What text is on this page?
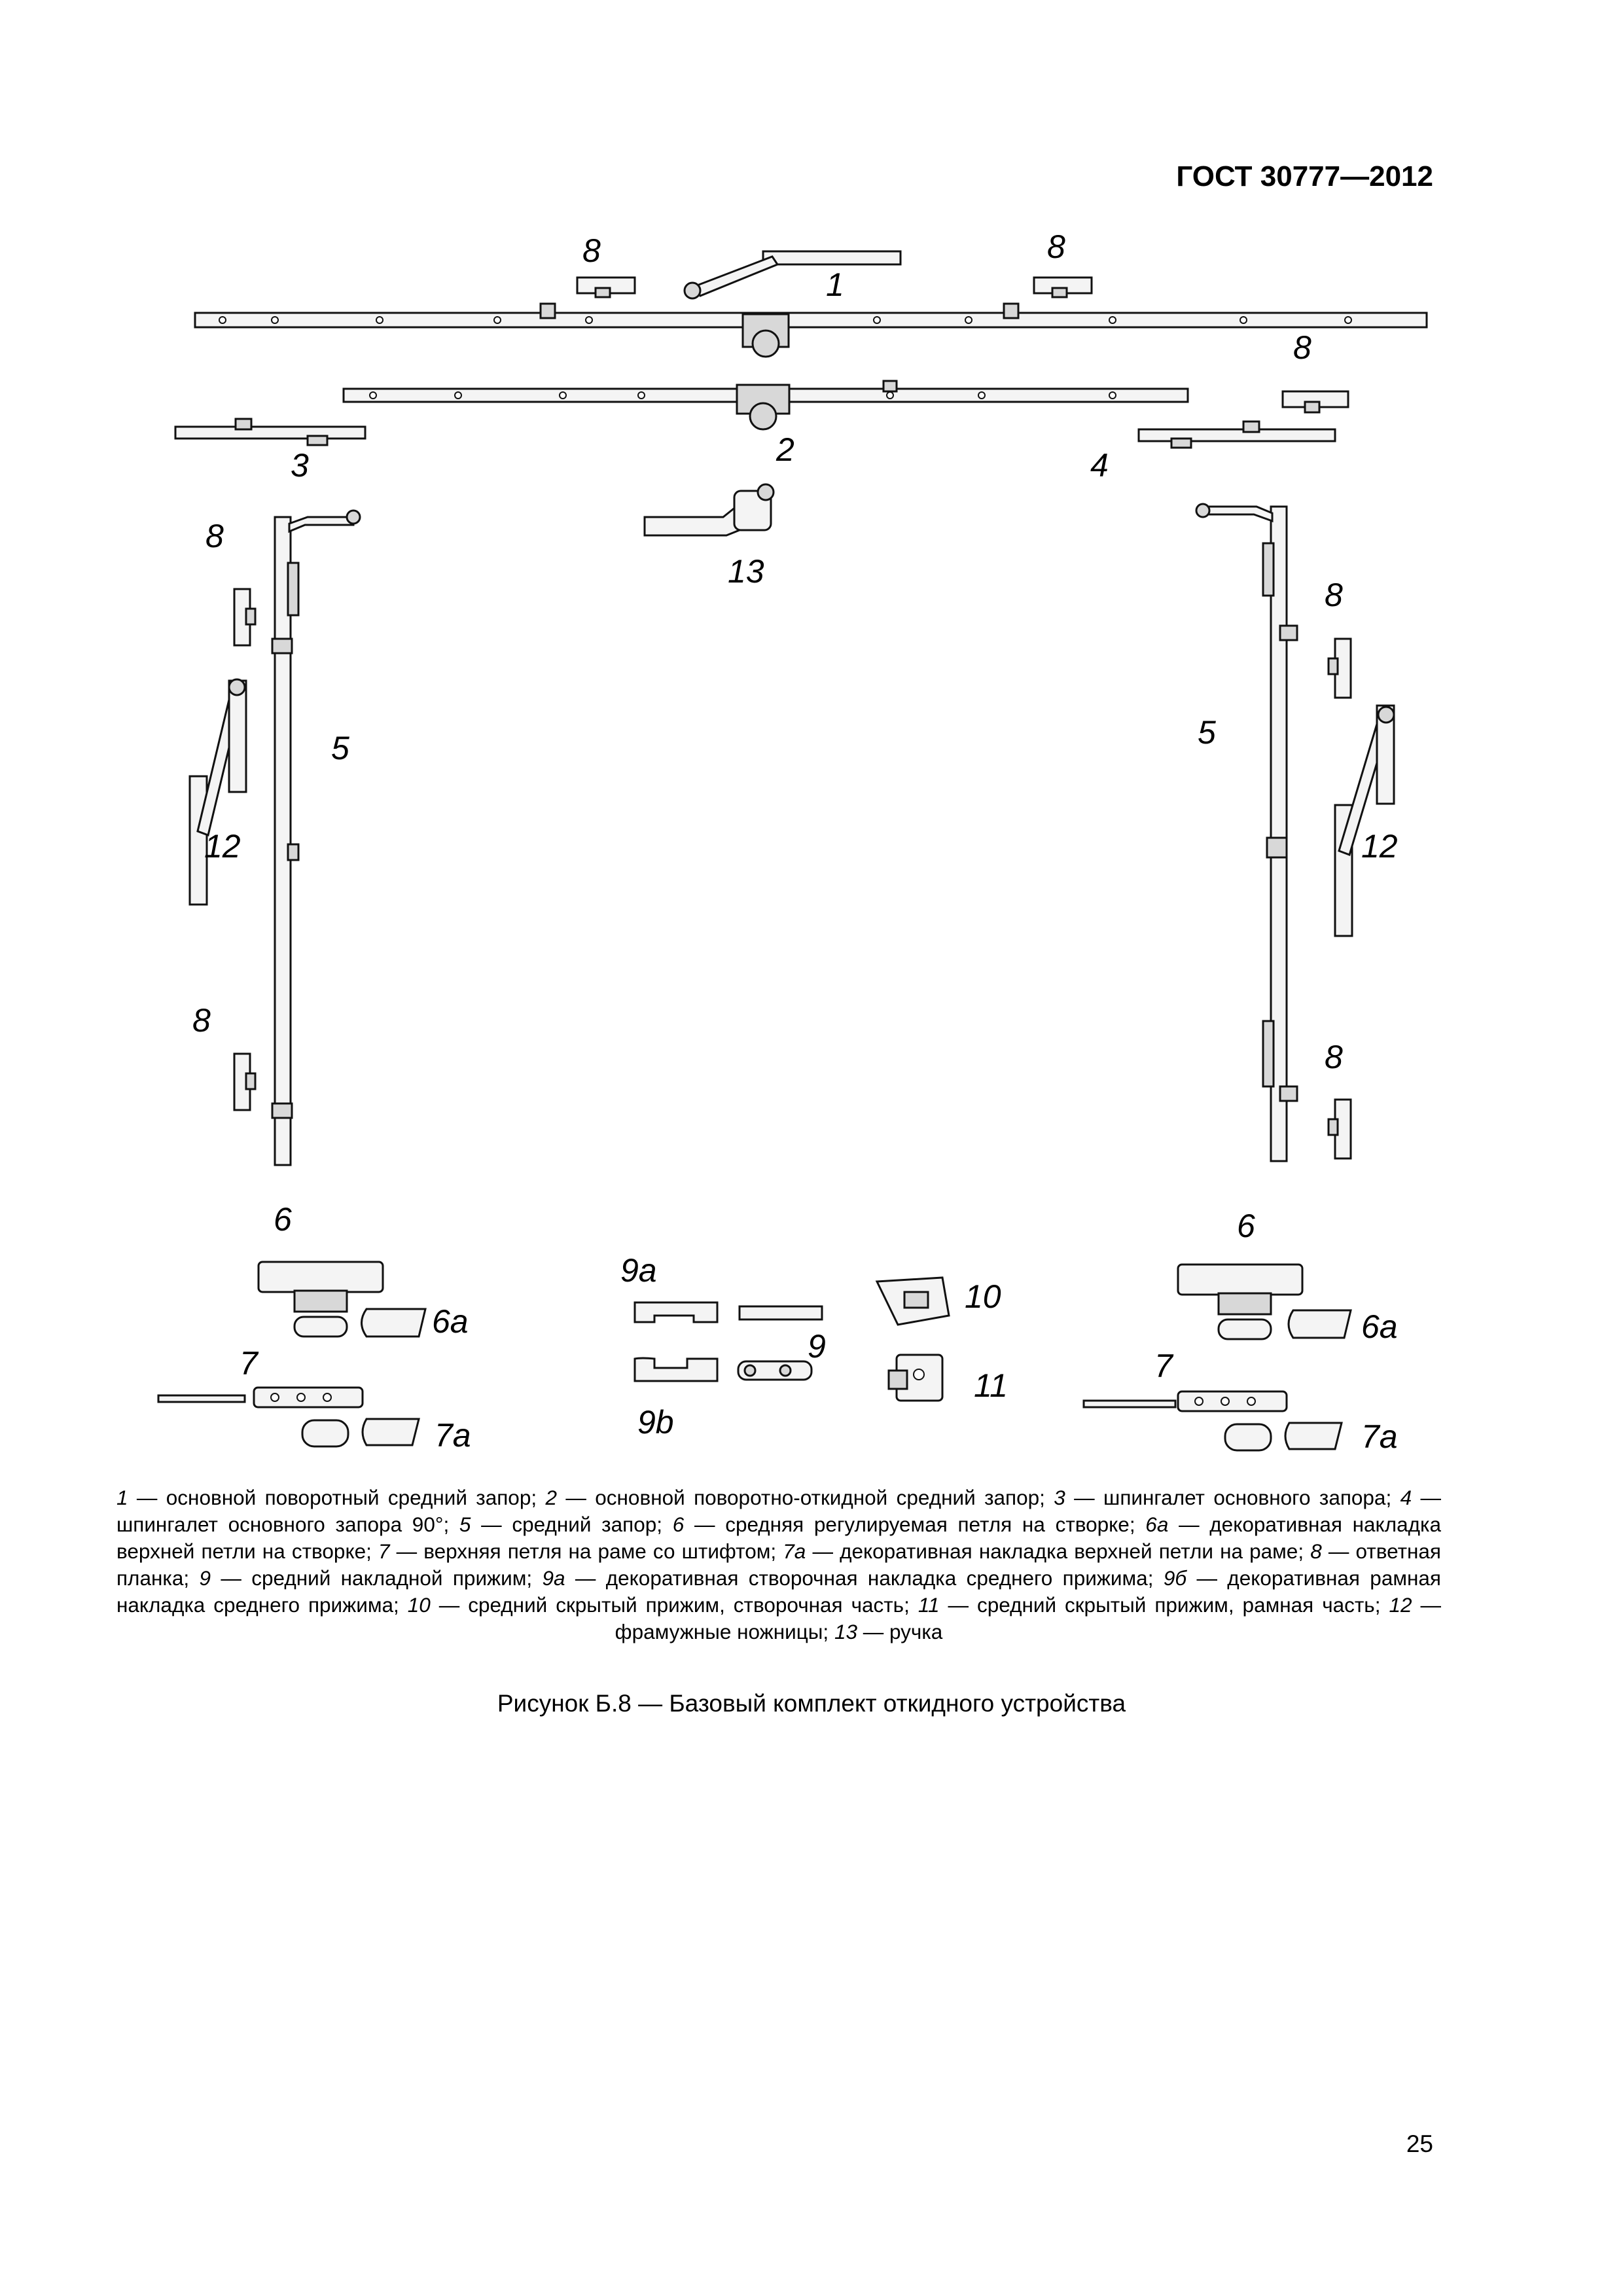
ГОСТ 30777—2012
8
1
8
8
2
3	4
13
8
5
12
8
8
5
12
8
6
6а
7
7а
9а
9
9b
10
11
6
6а
7
7а
1 — основной поворотный средний запор; 2 — основной поворотно-откидной средний запор; 3 — шпингалет основного запора; 4 — шпингалет основного запора 90°; 5 — средний запор; 6 — средняя регулируемая петля на створке; 6а — декоративная накладка верхней петли на створке; 7 — верхняя петля на раме со штифтом; 7а — декоративная накладка верхней петли на раме; 8 — ответная планка; 9 — средний накладной прижим; 9а — декоративная створочная накладка среднего прижима; 9б — декоративная рамная накладка среднего прижима; 10 — средний скрытый прижим, створочная часть; 11 — средний скрытый прижим, рамная часть; 12 — фрамужные ножницы; 13 — ручка
Рисунок Б.8 — Базовый комплект откидного устройства
25
